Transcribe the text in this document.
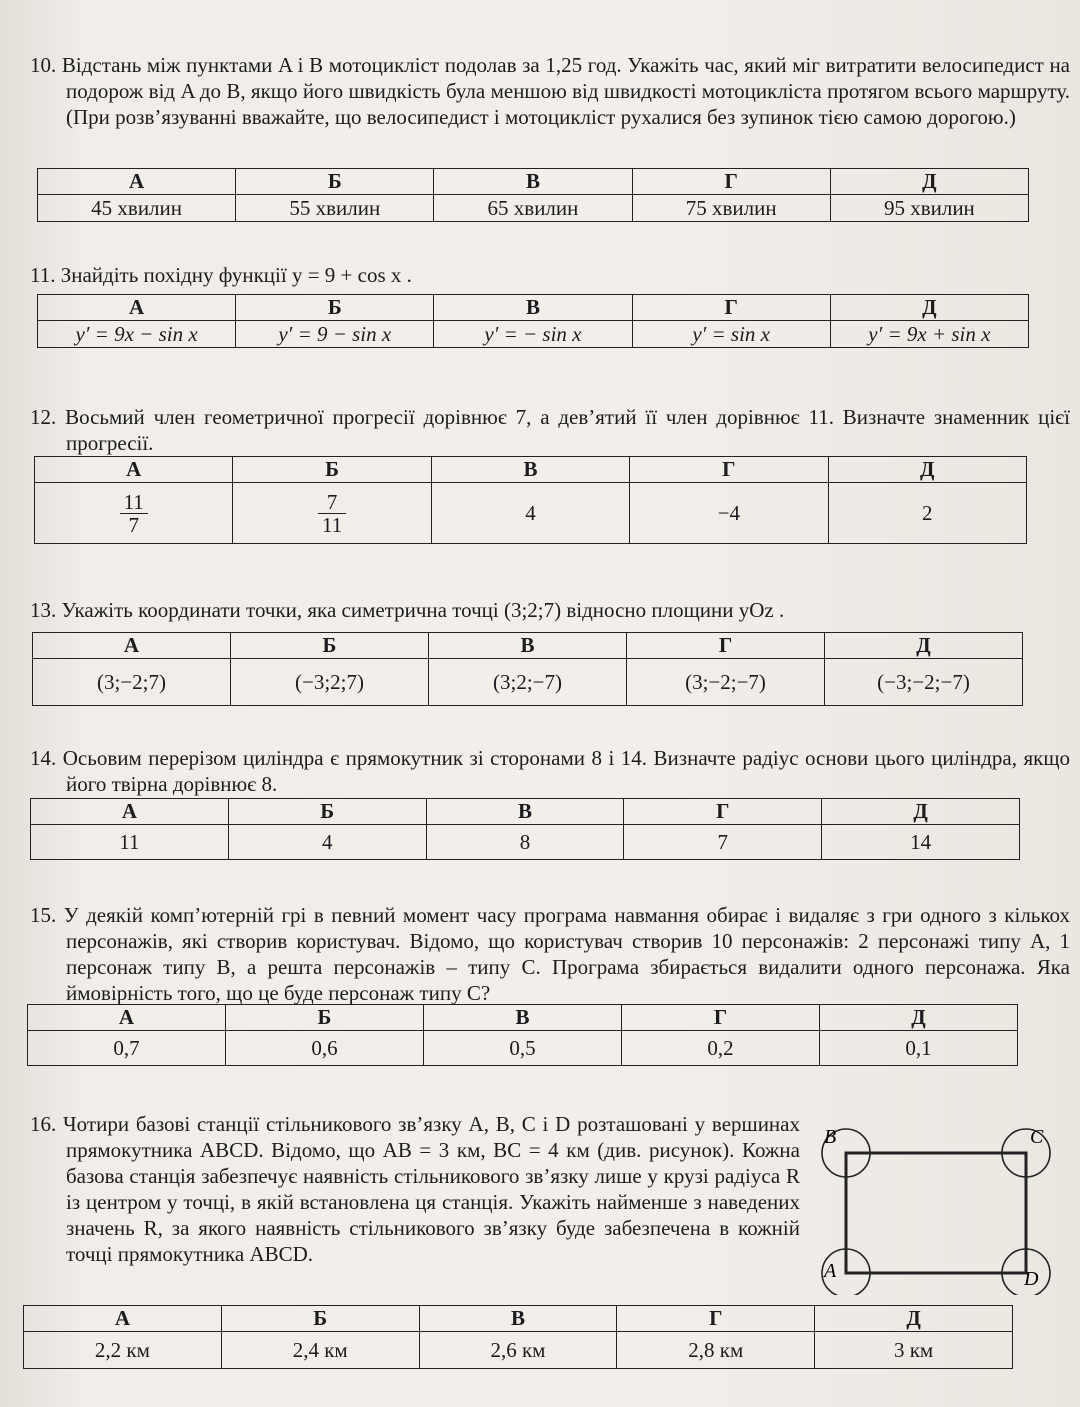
10. Відстань між пунктами A і B мотоцикліст подолав за 1,25 год. Укажіть час, який міг витратити велосипедист на подорож від A до B, якщо його швидкість була меншою від швидкості мотоцикліста протягом всього маршруту. (При розв’язуванні вважайте, що велосипедист і мотоцикліст рухалися без зупинок тією самою дорогою.)
А	Б	В	Г	Д
45 хвилин	55 хвилин	65 хвилин	75 хвилин	95 хвилин
11. Знайдіть похідну функції y = 9 + cos x .
А	Б	В	Г	Д
y′ = 9x − sin x	y′ = 9 − sin x	y′ = − sin x	y′ = sin x	y′ = 9x + sin x
12. Восьмий член геометричної прогресії дорівнює 7, а дев’ятий її член дорівнює 11. Визначте знаменник цієї прогресії.
А	Б	В	Г	Д

$\frac{11}{7}$	$\frac{7}{11}$	4	−4	2
13. Укажіть координати точки, яка симетрична точці (3;2;7) відносно площини yOz .
А	Б	В	Г	Д
(3;−2;7)	(−3;2;7)	(3;2;−7)	(3;−2;−7)	(−3;−2;−7)
14. Осьовим перерізом циліндра є прямокутник зі сторонами 8 і 14. Визначте радіус основи цього циліндра, якщо його твірна дорівнює 8.
А	Б	В	Г	Д
11	4	8	7	14
15. У деякій комп’ютерній грі в певний момент часу програма навмання обирає і видаляє з гри одного з кількох персонажів, які створив користувач. Відомо, що користувач створив 10 персонажів: 2 персонажі типу А, 1 персонаж типу В, а решта персонажів – типу С. Програма збирається видалити одного персонажа. Яка ймовірність того, що це буде персонаж типу С?
А	Б	В	Г	Д
0,7	0,6	0,5	0,2	0,1
16. Чотири базові станції стільникового зв’язку A, B, C і D розташовані у вершинах прямокутника ABCD. Відомо, що AB = 3 км, BC = 4 км (див. рисунок). Кожна базова станція забезпечує наявність стільникового зв’язку лише у крузі радіуса R із центром у точці, в якій встановлена ця станція. Укажіть найменше з наведених значень R, за якого наявність стільникового зв’язку буде забезпечена в кожній точці прямокутника ABCD.
B	C
A	D
А	Б	В	Г	Д
2,2 км	2,4 км	2,6 км	2,8 км	3 км
